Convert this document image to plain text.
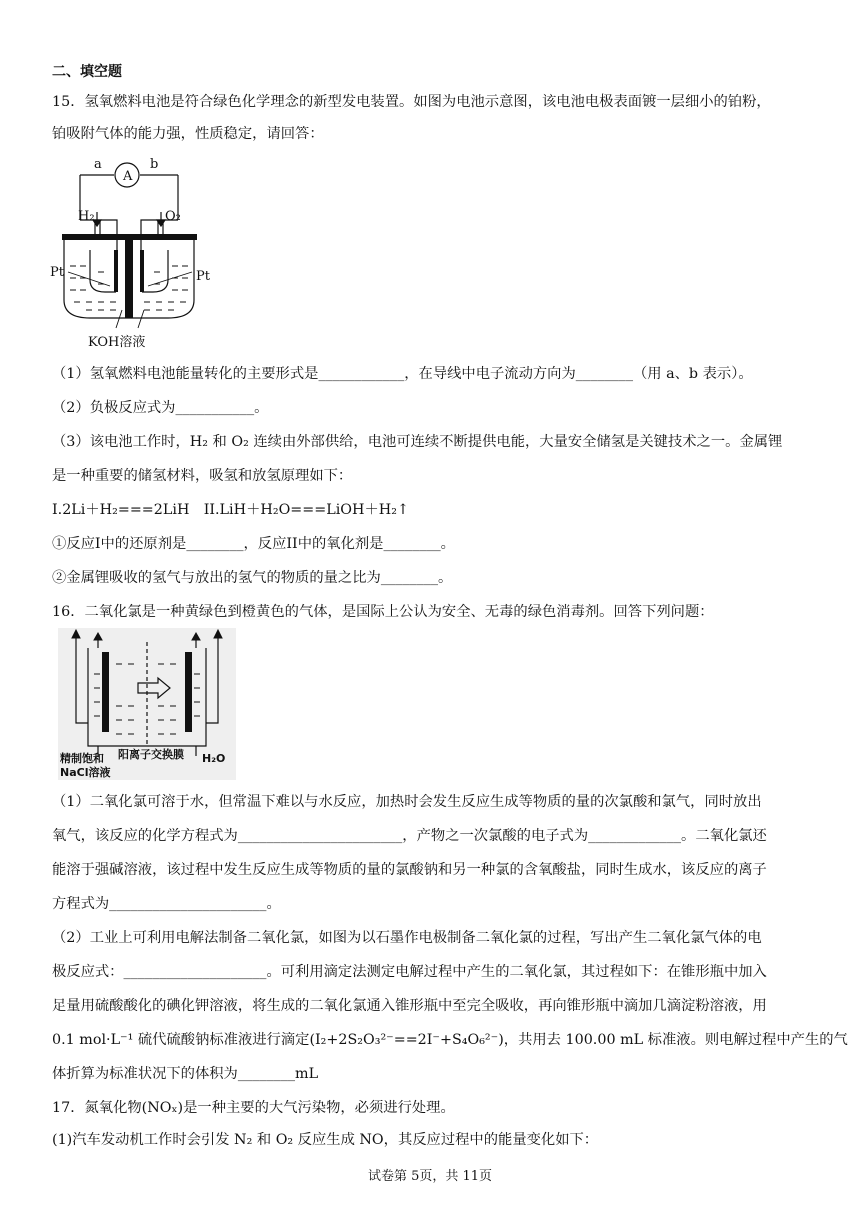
二、填空题
15．氢氧燃料电池是符合绿色化学理念的新型发电装置。如图为电池示意图，该电池电极表面镀一层细小的铂粉，
铂吸附气体的能力强，性质稳定，请回答：
a
A
b
H₂	O₂
Pt	Pt
KOH溶液
（1）氢氧燃料电池能量转化的主要形式是____________，在导线中电子流动方向为________（用 a、b 表示）。
（2）负极反应式为___________。
（3）该电池工作时，H₂ 和 O₂ 连续由外部供给，电池可连续不断提供电能，大量安全储氢是关键技术之一。金属锂
是一种重要的储氢材料，吸氢和放氢原理如下：
I.2Li＋H₂===2LiH　II.LiH＋H₂O===LiOH＋H₂↑
①反应I中的还原剂是________，反应II中的氧化剂是________。
②金属锂吸收的氢气与放出的氢气的物质的量之比为________。
16．二氧化氯是一种黄绿色到橙黄色的气体，是国际上公认为安全、无毒的绿色消毒剂。回答下列问题：
精制饱和
NaCl溶液
阳离子交换膜 H₂O
（1）二氧化氯可溶于水，但常温下难以与水反应，加热时会发生反应生成等物质的量的次氯酸和氯气，同时放出
氧气，该反应的化学方程式为_______________________，产物之一次氯酸的电子式为_____________。二氧化氯还
能溶于强碱溶液，该过程中发生反应生成等物质的量的氯酸钠和另一种氯的含氧酸盐，同时生成水，该反应的离子
方程式为______________________。
（2）工业上可利用电解法制备二氧化氯，如图为以石墨作电极制备二氧化氯的过程，写出产生二氧化氯气体的电
极反应式：____________________。可利用滴定法测定电解过程中产生的二氧化氯，其过程如下：在锥形瓶中加入
足量用硫酸酸化的碘化钾溶液，将生成的二氧化氯通入锥形瓶中至完全吸收，再向锥形瓶中滴加几滴淀粉溶液，用
0.1 mol·L⁻¹ 硫代硫酸钠标准液进行滴定(I₂+2S₂O₃²⁻==2I⁻+S₄O₆²⁻)，共用去 100.00 mL 标准液。则电解过程中产生的气
体折算为标准状况下的体积为________mL
17．氮氧化物(NOₓ)是一种主要的大气污染物，必须进行处理。
(1)汽车发动机工作时会引发 N₂ 和 O₂ 反应生成 NO，其反应过程中的能量变化如下：
试卷第 5页，共 11页
